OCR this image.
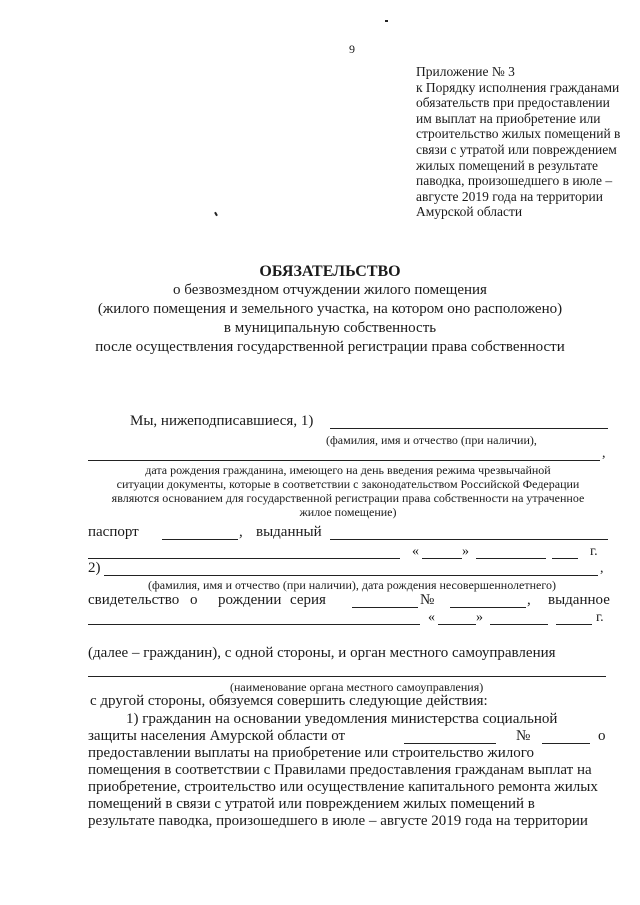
9
Приложение № 3
к Порядку исполнения гражданами
обязательств при предоставлении
им выплат на приобретение или
строительство жилых помещений в
связи с утратой или повреждением
жилых помещений в результате
паводка, произошедшего в июле –
августе 2019 года на территории
Амурской области
ОБЯЗАТЕЛЬСТВО
о безвозмездном отчуждении жилого помещения
(жилого помещения и земельного участка, на котором оно расположено)
в муниципальную собственность
после осуществления государственной регистрации права собственности
Мы, нижеподписавшиеся, 1)
(фамилия, имя и отчество (при наличии),
,
дата рождения гражданина, имеющего на день введения режима чрезвычайной
ситуации документы, которые в соответствии с законодательством Российской Федерации
являются основанием для государственной регистрации права собственности на утраченное
жилое помещение)
паспорт	, выданный
«	»	г.
2)	,
(фамилия, имя и отчество (при наличии), дата рождения несовершеннолетнего)
свидетельство о рождении серия	№	, выданное
«	»	г.
(далее – гражданин), с одной стороны, и орган местного самоуправления
(наименование органа местного самоуправления)
с другой стороны, обязуемся совершить следующие действия:
1) гражданин на основании уведомления министерства социальной
защиты населения Амурской области от	№	о
предоставлении выплаты на приобретение или строительство жилого
помещения в соответствии с Правилами предоставления гражданам выплат на
приобретение, строительство или осуществление капитального ремонта жилых
помещений в связи с утратой или повреждением жилых помещений в
результате паводка, произошедшего в июле – августе 2019 года на территории
